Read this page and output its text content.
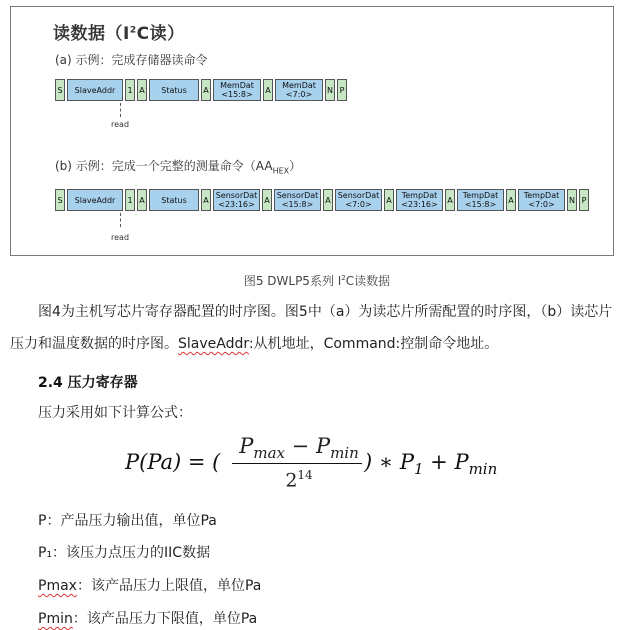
读数据（$I^2C$读）
(a) 示例：完成存储器读命令
S SlaveAddr 1 A Status A MemDat
<15:8> A MemDat
<7:0> N P
read
(b) 示例：完成一个完整的测量命令$(AA_{HEX})$
S SlaveAddr 1 A Status A SensorDat
<23:16> A SensorDat
<15:8> A SensorDat
<7:0> A TempDat
<23:16> A TempDat
<15:8> A TempDat
<7:0> N P
read
图5 DWLP5系列 $I^2C$读数据
图4为主机写芯片寄存器配置的时序图。图5中（a）为读芯片所需配置的时序图，（b）读芯片压力和温度数据的时序图。SlaveAddr:从机地址，Command:控制命令地址。
2.4 压力寄存器
压力采用如下计算公式：
P(Pa) = (
$P_{max} - P_{min}$
$2^{14}$
) ∗ $P_1 + P_{min}$
P：产品压力输出值，单位Pa
P₁：该压力点压力的IIC数据
Pmax：该产品压力上限值，单位Pa
Pmin：该产品压力下限值，单位Pa
